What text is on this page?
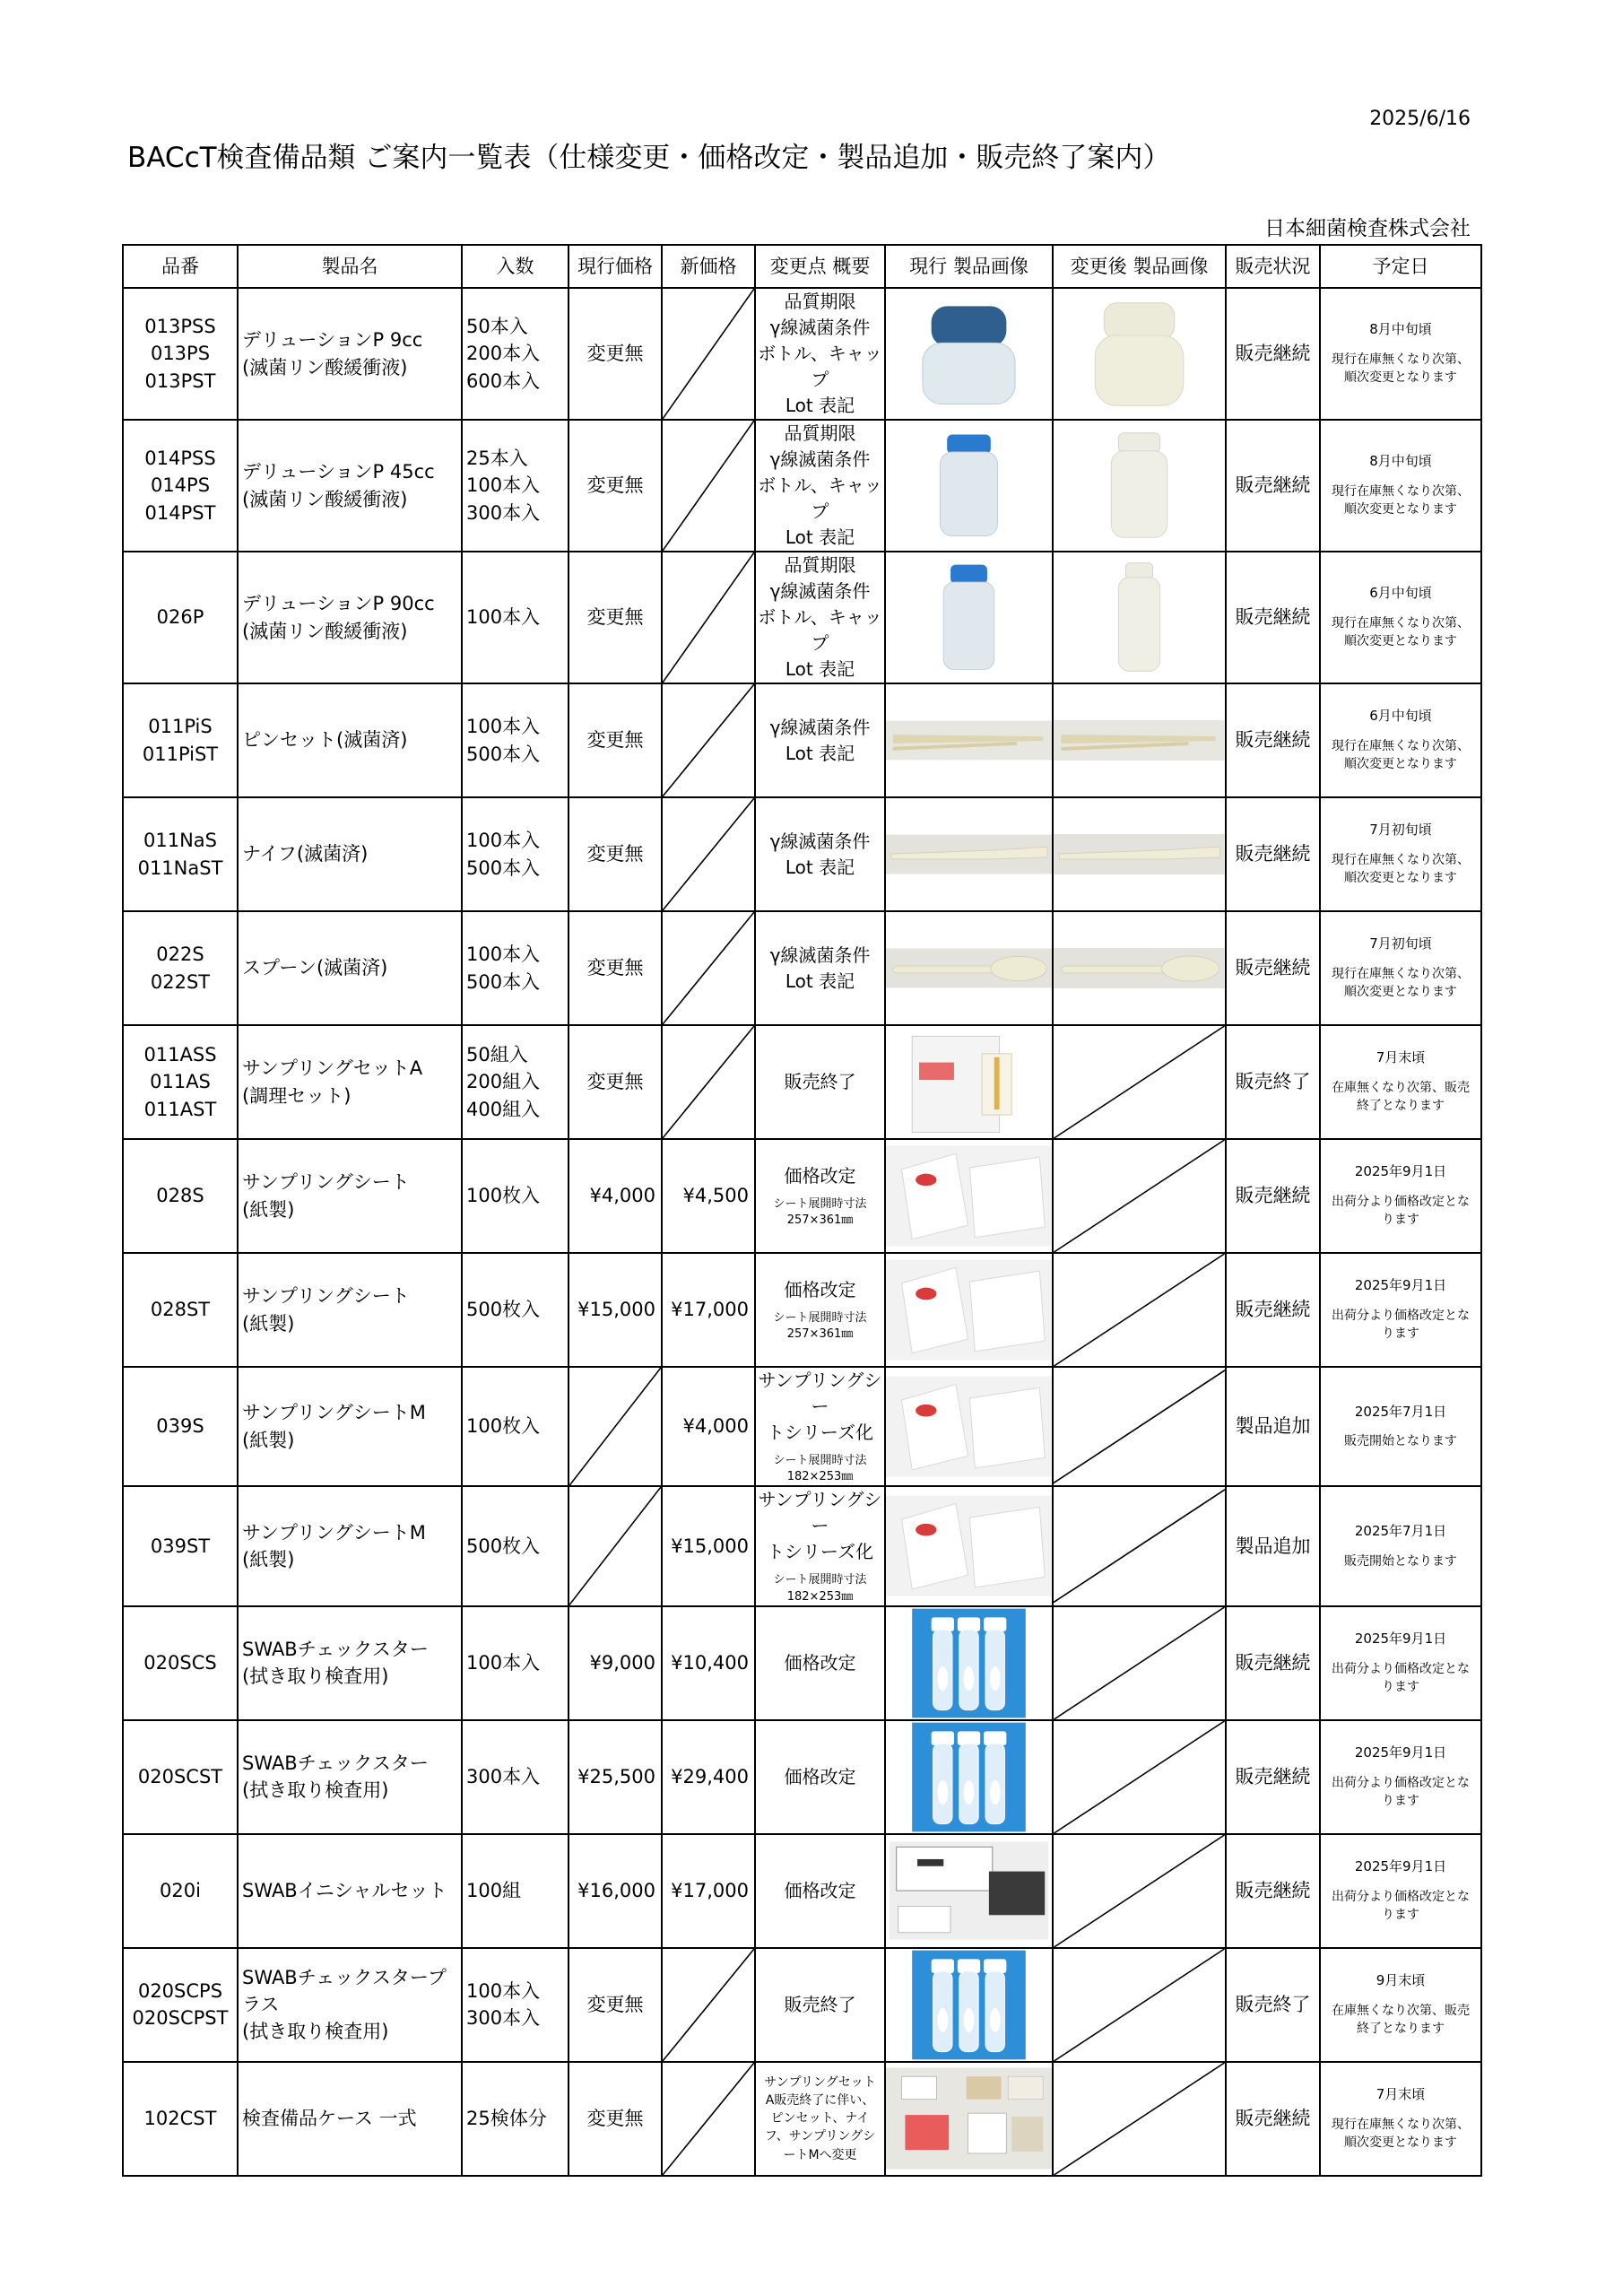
2025/6/16
BACcT検査備品類 ご案内一覧表（仕様変更・価格改定・製品追加・販売終了案内）
日本細菌検査株式会社
品番	製品名	入数	現行価格	新価格	変更点 概要	現行 製品画像	変更後 製品画像	販売状況	予定日

013PSS
013PS
013PST	デリューションP 9cc
(滅菌リン酸緩衝液)	50本入
200本入
600本入	変更無		品質期限
γ線滅菌条件
ボトル、キャップ
Lot 表記			販売継続	8月中旬頃
現行在庫無くなり次第、順次変更となります

014PSS
014PS
014PST	デリューションP 45cc
(滅菌リン酸緩衝液)	25本入
100本入
300本入	変更無		品質期限
γ線滅菌条件
ボトル、キャップ
Lot 表記			販売継続	8月中旬頃
現行在庫無くなり次第、順次変更となります

026P	デリューションP 90cc
(滅菌リン酸緩衝液)	100本入	変更無		品質期限
γ線滅菌条件
ボトル、キャップ
Lot 表記			販売継続	6月中旬頃
現行在庫無くなり次第、順次変更となります

011PiS
011PiST	ピンセット(滅菌済)	100本入
500本入	変更無		γ線滅菌条件
Lot 表記			販売継続	6月中旬頃
現行在庫無くなり次第、順次変更となります

011NaS
011NaST	ナイフ(滅菌済)	100本入
500本入	変更無		γ線滅菌条件
Lot 表記			販売継続	7月初旬頃
現行在庫無くなり次第、順次変更となります

022S
022ST	スプーン(滅菌済)	100本入
500本入	変更無		γ線滅菌条件
Lot 表記			販売継続	7月初旬頃
現行在庫無くなり次第、順次変更となります

011ASS
011AS
011AST	サンプリングセットA
(調理セット)	50組入
200組入
400組入	変更無		販売終了			販売終了	7月末頃
在庫無くなり次第、販売終了となります

028S	サンプリングシート
(紙製)	100枚入	¥4,000	¥4,500	価格改定
シート展開時寸法
257×361㎜			販売継続	2025年9月1日
出荷分より価格改定となります

028ST	サンプリングシート
(紙製)	500枚入	¥15,000	¥17,000	価格改定
シート展開時寸法
257×361㎜			販売継続	2025年9月1日
出荷分より価格改定となります

039S	サンプリングシートM
(紙製)	100枚入		¥4,000	サンプリングシー
トシリーズ化
シート展開時寸法
182×253㎜			製品追加	2025年7月1日
販売開始となります

039ST	サンプリングシートM
(紙製)	500枚入		¥15,000	サンプリングシー
トシリーズ化
シート展開時寸法
182×253㎜			製品追加	2025年7月1日
販売開始となります

020SCS	SWABチェックスター
(拭き取り検査用)	100本入	¥9,000	¥10,400	価格改定			販売継続	2025年9月1日
出荷分より価格改定となります

020SCST	SWABチェックスター
(拭き取り検査用)	300本入	¥25,500	¥29,400	価格改定			販売継続	2025年9月1日
出荷分より価格改定となります

020i	SWABイニシャルセット	100組	¥16,000	¥17,000	価格改定			販売継続	2025年9月1日
出荷分より価格改定となります

020SCPS
020SCPST	SWABチェックスタープラス
(拭き取り検査用)	100本入
300本入	変更無		販売終了			販売終了	9月末頃
在庫無くなり次第、販売終了となります

102CST	検査備品ケース 一式	25検体分	変更無		サンプリングセットA販売終了に伴い、ピンセット、ナイフ、サンプリングシートMへ変更			販売継続	7月末頃
現行在庫無くなり次第、順次変更となります
